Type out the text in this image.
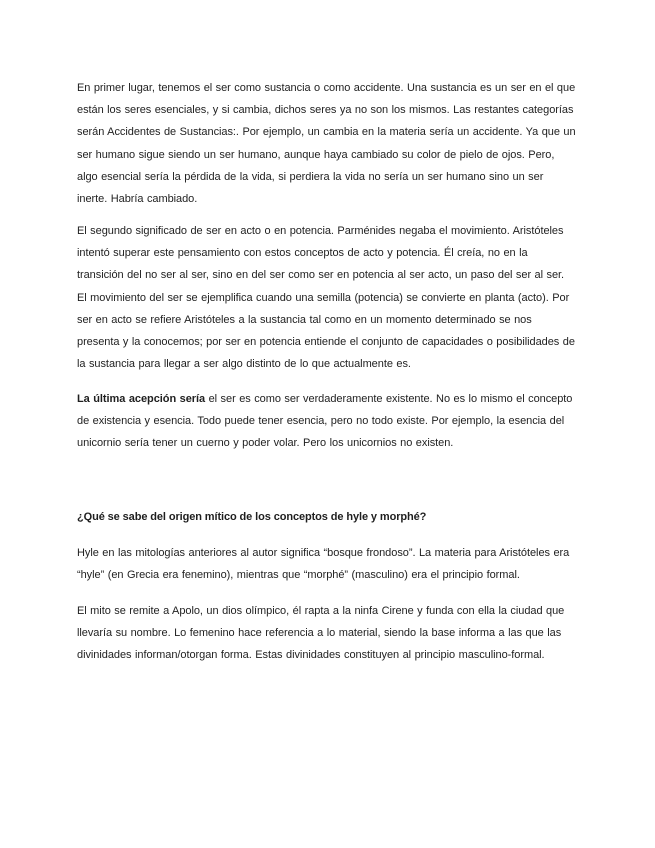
En primer lugar, tenemos el ser como sustancia o como accidente. Una sustancia es un ser en el que están los seres esenciales, y si cambia, dichos seres ya no son los mismos. Las restantes categorías serán Accidentes de Sustancias:. Por ejemplo, un cambia en la materia sería un accidente. Ya que un ser humano sigue siendo un ser humano, aunque haya cambiado su color de pielo de ojos. Pero, algo esencial sería la pérdida de la vida, si perdiera la vida no sería un ser humano sino un ser inerte. Habría cambiado.

El segundo significado de ser en acto o en potencia. Parménides negaba el movimiento. Aristóteles intentó superar este pensamiento con estos conceptos de acto y potencia. Él creía, no en la transición del no ser al ser, sino en del ser como ser en potencia al ser acto, un paso del ser al ser. El movimiento del ser se ejemplifica cuando una semilla (potencia) se convierte en planta (acto). Por ser en acto se refiere Aristóteles a la sustancia tal como en un momento determinado se nos presenta y la conocemos; por ser en potencia entiende el conjunto de capacidades o posibilidades de la sustancia para llegar a ser algo distinto de lo que actualmente es.

La última acepción sería el ser es como ser verdaderamente existente. No es lo mismo el concepto de existencia y esencia. Todo puede tener esencia, pero no todo existe. Por ejemplo, la esencia del unicornio sería tener un cuerno y poder volar. Pero los unicornios no existen.

¿Qué se sabe del origen mítico de los conceptos de hyle y morphé?

Hyle en las mitologías anteriores al autor significa “bosque frondoso”. La materia para Aristóteles era “hyle” (en Grecia era fenemino), mientras que “morphé” (masculino) era el principio formal.

El mito se remite a Apolo, un dios olímpico, él rapta a la ninfa Cirene y funda con ella la ciudad que llevaría su nombre. Lo femenino hace referencia a lo material, siendo la base informa a las que las divinidades informan/otorgan forma. Estas divinidades constituyen al principio masculino-formal.
